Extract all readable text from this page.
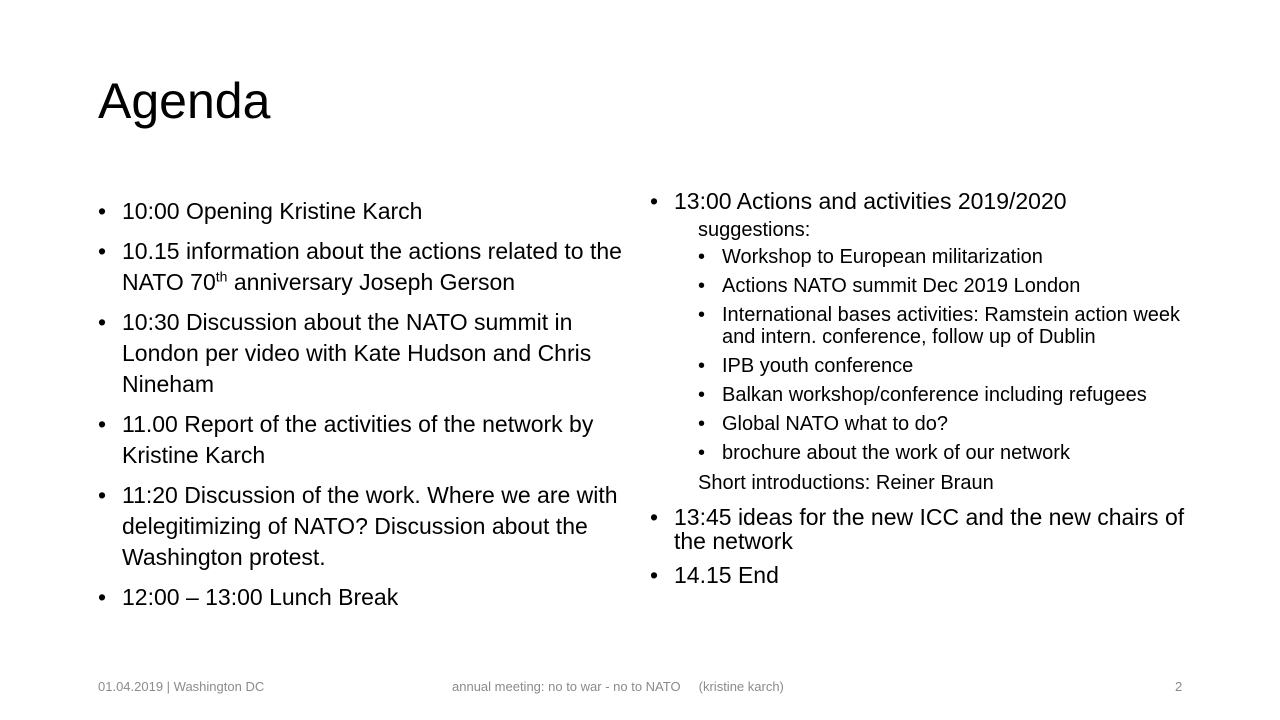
Agenda
• 10:00 Opening Kristine Karch
• 10.15 information about the actions related to the NATO 70th anniversary Joseph Gerson
• 10:30 Discussion about the NATO summit in London per video with Kate Hudson and Chris Nineham
• 11.00 Report of the activities of the network by Kristine Karch
• 11:20 Discussion of the work. Where we are with delegitimizing of NATO? Discussion about the Washington protest.
• 12:00 – 13:00 Lunch Break
• 13:00 Actions and activities 2019/2020
suggestions:
• Workshop to European militarization
• Actions NATO summit Dec 2019 London
• International bases activities: Ramstein action week and intern. conference, follow up of Dublin
• IPB youth conference
• Balkan workshop/conference including refugees
• Global NATO what to do?
• brochure about the work of our network
Short introductions: Reiner Braun
• 13:45 ideas for the new ICC and the new chairs of the network
• 14.15 End
01.04.2019 | Washington DC	annual meeting: no to war - no to NATO     (kristine karch)	2
